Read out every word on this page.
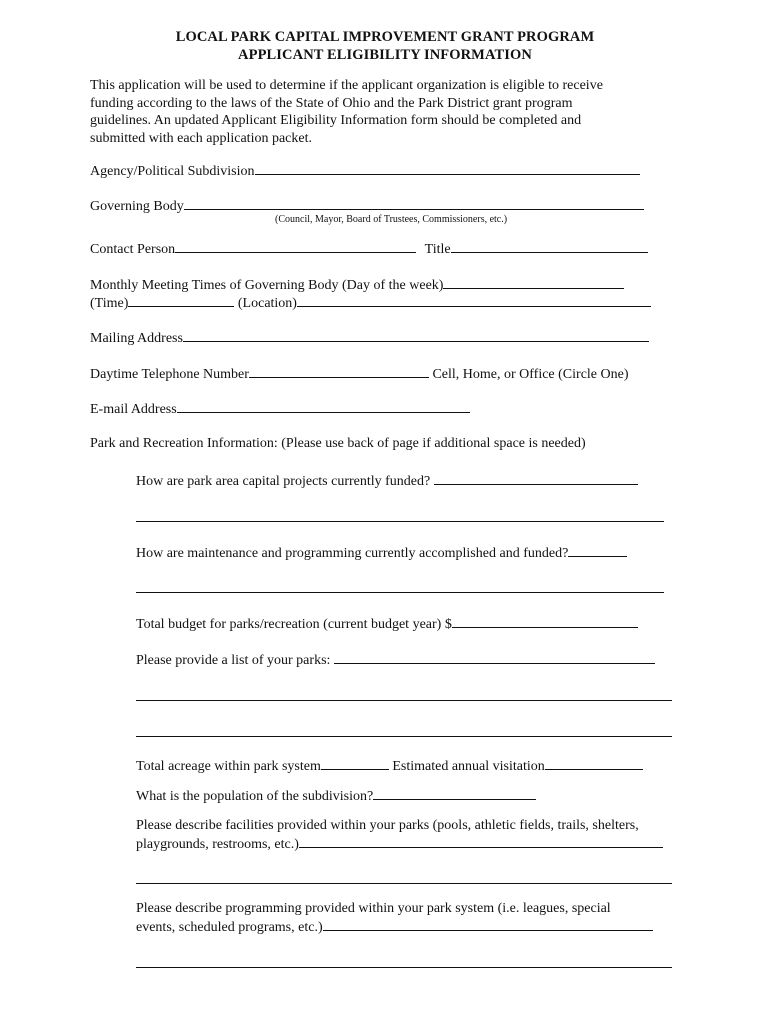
LOCAL PARK CAPITAL IMPROVEMENT GRANT PROGRAM
APPLICANT ELIGIBILITY INFORMATION
This application will be used to determine if the applicant organization is eligible to receive
funding according to the laws of the State of Ohio and the Park District grant program
guidelines. An updated Applicant Eligibility Information form should be completed and
submitted with each application packet.
Agency/Political Subdivision
Governing Body
(Council, Mayor, Board of Trustees, Commissioners, etc.)
Contact Person	Title
Monthly Meeting Times of Governing Body (Day of the week)
(Time)	(Location)
Mailing Address
Daytime Telephone Number	Cell, Home, or Office (Circle One)
E-mail Address
Park and Recreation Information: (Please use back of page if additional space is needed)
How are park area capital projects currently funded?
How are maintenance and programming currently accomplished and funded?
Total budget for parks/recreation (current budget year) $
Please provide a list of your parks:
Total acreage within park system	Estimated annual visitation
What is the population of the subdivision?
Please describe facilities provided within your parks (pools, athletic fields, trails, shelters,
playgrounds, restrooms, etc.)
Please describe programming provided within your park system (i.e. leagues, special
events, scheduled programs, etc.)
